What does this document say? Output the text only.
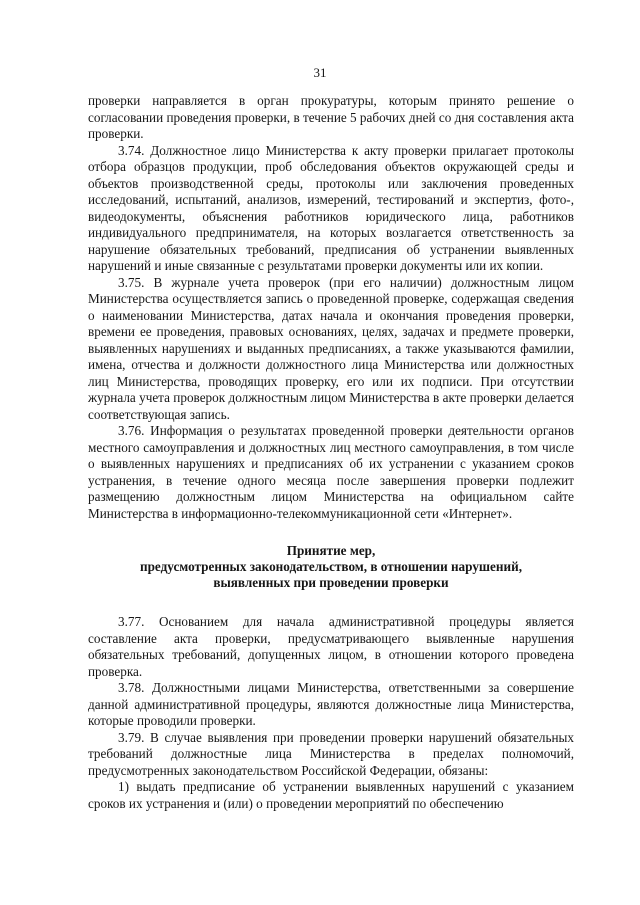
31

проверки направляется в орган прокуратуры, которым принято решение о согласовании проведения проверки, в течение 5 рабочих дней со дня составления акта проверки.

3.74. Должностное лицо Министерства к акту проверки прилагает протоколы отбора образцов продукции, проб обследования объектов окружающей среды и объектов производственной среды, протоколы или заключения проведенных исследований, испытаний, анализов, измерений, тестирований и экспертиз, фото-, видеодокументы, объяснения работников юридического лица, работников индивидуального предпринимателя, на которых возлагается ответственность за нарушение обязательных требований, предписания об устранении выявленных нарушений и иные связанные с результатами проверки документы или их копии.

3.75. В журнале учета проверок (при его наличии) должностным лицом Министерства осуществляется запись о проведенной проверке, содержащая сведения о наименовании Министерства, датах начала и окончания проведения проверки, времени ее проведения, правовых основаниях, целях, задачах и предмете проверки, выявленных нарушениях и выданных предписаниях, а также указываются фамилии, имена, отчества и должности должностного лица Министерства или должностных лиц Министерства, проводящих проверку, его или их подписи. При отсутствии журнала учета проверок должностным лицом Министерства в акте проверки делается соответствующая запись.

3.76. Информация о результатах проведенной проверки деятельности органов местного самоуправления и должностных лиц местного самоуправления, в том числе о выявленных нарушениях и предписаниях об их устранении с указанием сроков устранения, в течение одного месяца после завершения проверки подлежит размещению должностным лицом Министерства на официальном сайте Министерства в информационно-телекоммуникационной сети «Интернет».

Принятие мер,
предусмотренных законодательством, в отношении нарушений,
выявленных при проведении проверки

3.77. Основанием для начала административной процедуры является составление акта проверки, предусматривающего выявленные нарушения обязательных требований, допущенных лицом, в отношении которого проведена проверка.

3.78. Должностными лицами Министерства, ответственными за совершение данной административной процедуры, являются должностные лица Министерства, которые проводили проверки.

3.79. В случае выявления при проведении проверки нарушений обязательных требований должностные лица Министерства в пределах полномочий, предусмотренных законодательством Российской Федерации, обязаны:

1) выдать предписание об устранении выявленных нарушений с указанием сроков их устранения и (или) о проведении мероприятий по обеспечению
